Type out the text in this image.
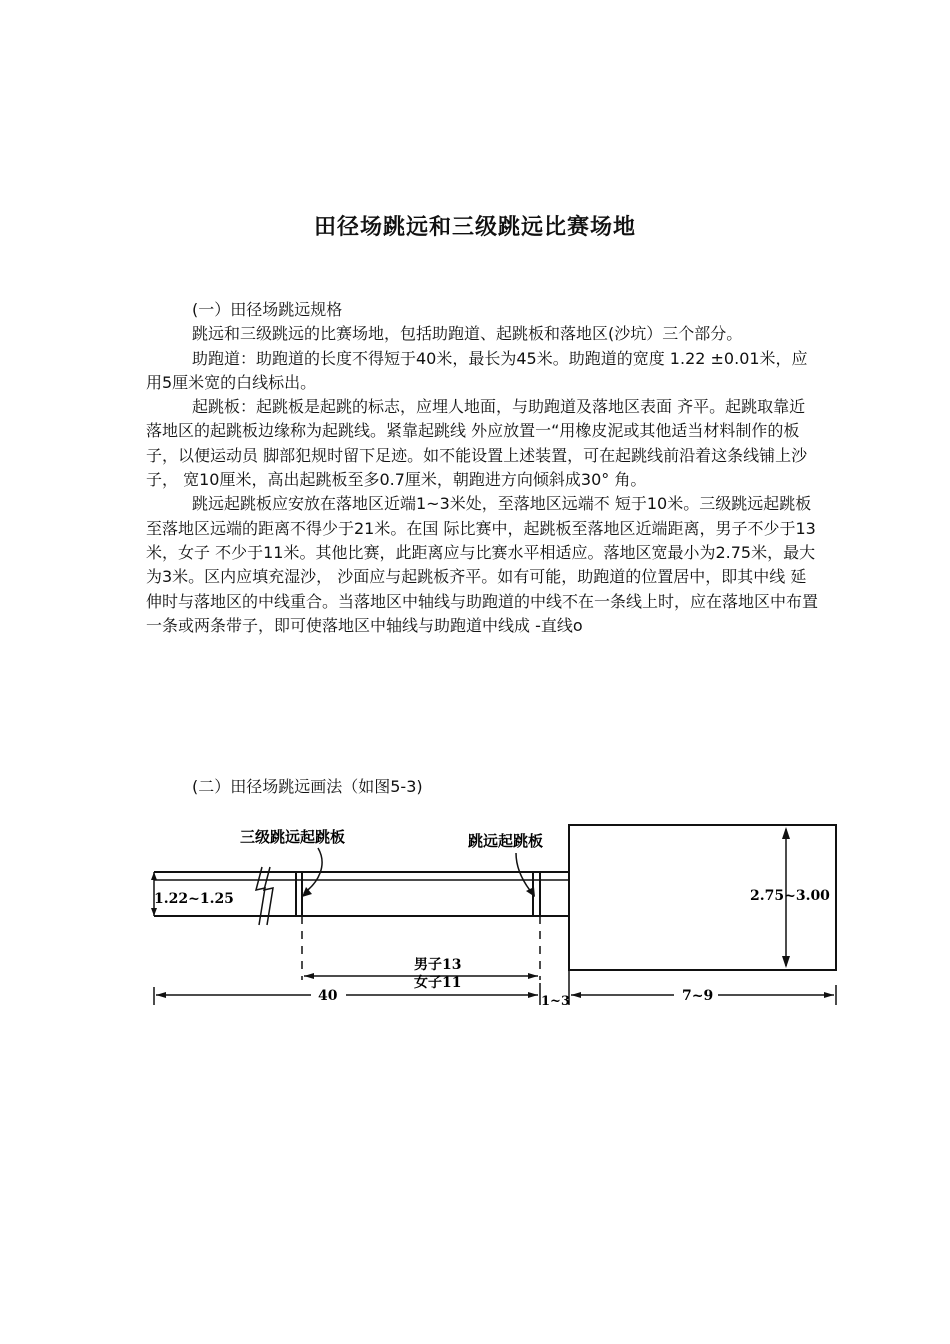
田径场跳远和三级跳远比赛场地

(一）田径场跳远规格

跳远和三级跳远的比赛场地，包括助跑道、起跳板和落地区(沙坑）三个部分。

助跑道：助跑道的长度不得短于40米，最长为45米。助跑道的宽度 1.22 ±0.01米，应用5厘米宽的白线标出。

起跳板：起跳板是起跳的标志，应埋人地面，与助跑道及落地区表面 齐平。起跳取靠近落地区的起跳板边缘称为起跳线。紧靠起跳线 外应放置一“用橡皮泥或其他适当材料制作的板子，以便运动员 脚部犯规时留下足迹。如不能设置上述装置，可在起跳线前沿着这条线铺上沙子， 宽10厘米，高出起跳板至多0.7厘米，朝跑进方向倾斜成30° 角。

跳远起跳板应安放在落地区近端1~3米处，至落地区远端不 短于10米。三级跳远起跳板至落地区远端的距离不得少于21米。在国 际比赛中，起跳板至落地区近端距离，男子不少于13米，女子 不少于11米。其他比赛，此距离应与比赛水平相适应。落地区宽最小为2.75米，最大为3米。区内应填充湿沙， 沙面应与起跳板齐平。如有可能，助跑道的位置居中，即其中线 延伸时与落地区的中线重合。当落地区中轴线与助跑道的中线不在一条线上时，应在落地区中布置一条或两条带子，即可使落地区中轴线与助跑道中线成 -直线o

(二）田径场跳远画法（如图5-3)
三级跳远起跳板	跳远起跳板
1.22~1.25	2.75~3.00
男子13
女子11
40	1~3	7~9
